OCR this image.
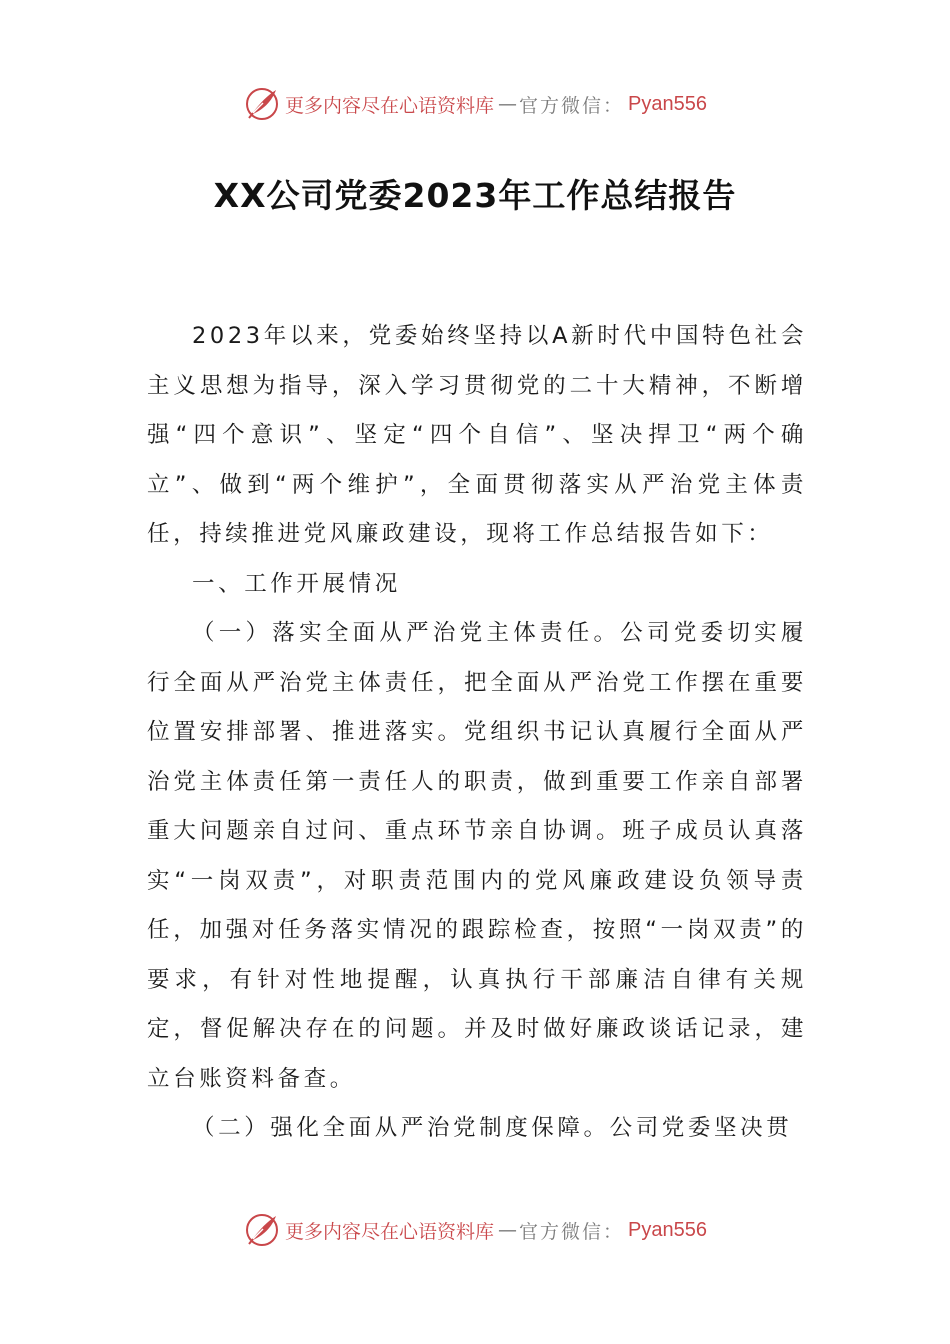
更多内容尽在心语资料库 — 官方微信： Pyan556
XX公司党委2023年工作总结报告

2023年以来，党委始终坚持以A新时代中国特色社会主义思想为指导，深入学习贯彻党的二十大精神，不断增强“四个意识”、坚定“四个自信”、坚决捍卫“两个确立”、做到“两个维护”，全面贯彻落实从严治党主体责任，持续推进党风廉政建设，现将工作总结报告如下：

一、工作开展情况

（一）落实全面从严治党主体责任。公司党委切实履行全面从严治党主体责任，把全面从严治党工作摆在重要位置安排部署、推进落实。党组织书记认真履行全面从严治党主体责任第一责任人的职责，做到重要工作亲自部署重大问题亲自过问、重点环节亲自协调。班子成员认真落实“一岗双责”，对职责范围内的党风廉政建设负领导责任，加强对任务落实情况的跟踪检查，按照“一岗双责”的要求，有针对性地提醒，认真执行干部廉洁自律有关规定，督促解决存在的问题。并及时做好廉政谈话记录，建立台账资料备查。

（二）强化全面从严治党制度保障。公司党委坚决贯

更多内容尽在心语资料库 — 官方微信： Pyan556
